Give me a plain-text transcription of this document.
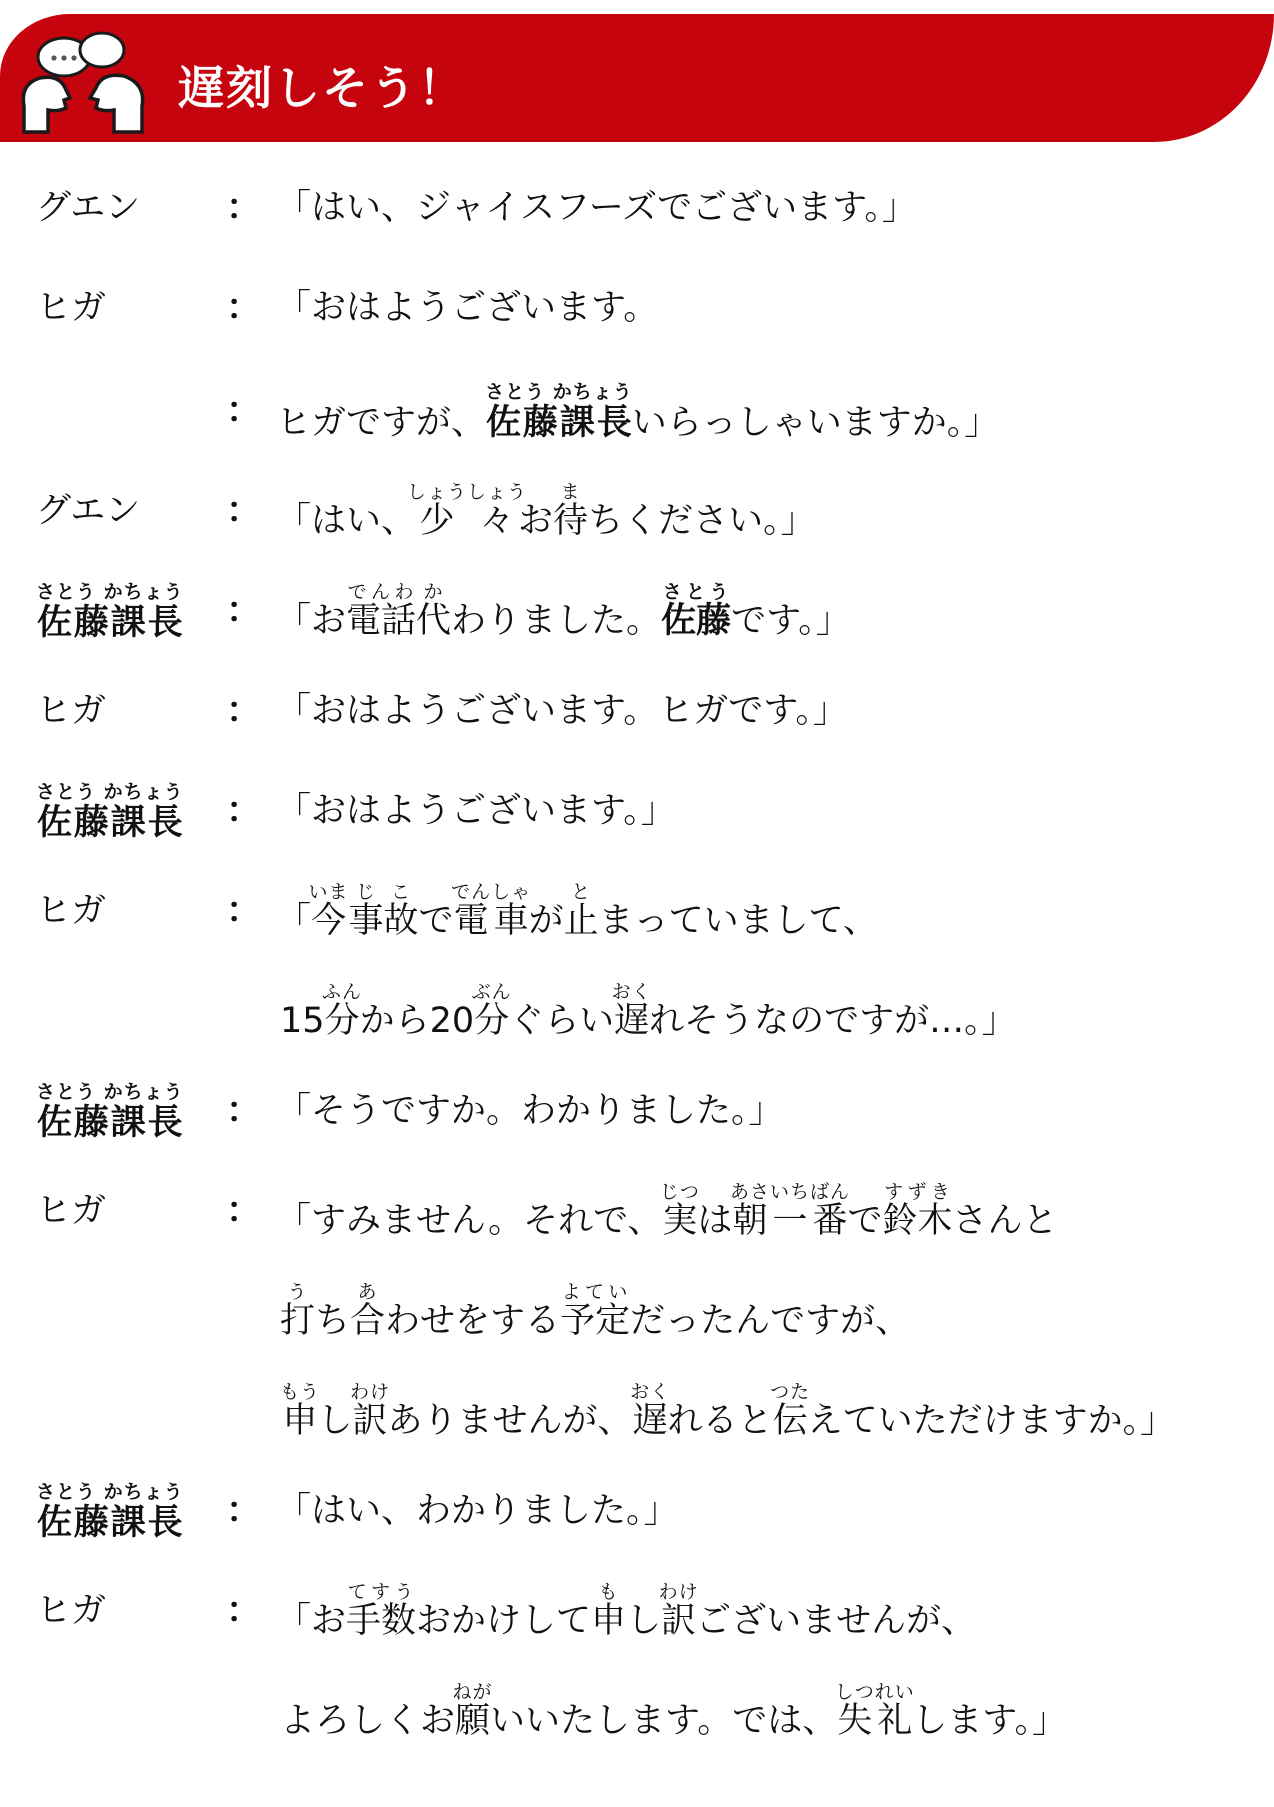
遅刻しそう！
グエン ： 「はい、ジャイスフーズでございます。」
ヒガ	： 「おはようございます。
： ヒガですが、佐藤課長さとう かちょういらっしゃいますか。」
グエン ： 「はい、少々しょうしょうお待まちください。」
佐藤課長さとう かちょう ： 「お電話でんわ代かわりました。佐藤さとうです。」
ヒガ	： 「おはようございます。ヒガです。」
佐藤課長さとう かちょう ： 「おはようございます。」
ヒガ	： 「今いま事故じこで電車でんしゃが止とまっていまして、
15分ふんから20分ぶんぐらい遅おくれそうなのですが…。」
佐藤課長さとう かちょう ： 「そうですか。わかりました。」
ヒガ	： 「すみません。それで、実じつは朝一番あさいちばんで鈴木すずきさんと
打うち合あわせをする予定よていだったんですが、
申もうし訳わけありませんが、遅おくれると伝つたえていただけますか。」
佐藤課長さとう かちょう ： 「はい、わかりました。」
ヒガ	： 「お手数てすうおかけして申もし訳わけございませんが、
よろしくお願ねがいいたします。では、失礼しつれいします。」
